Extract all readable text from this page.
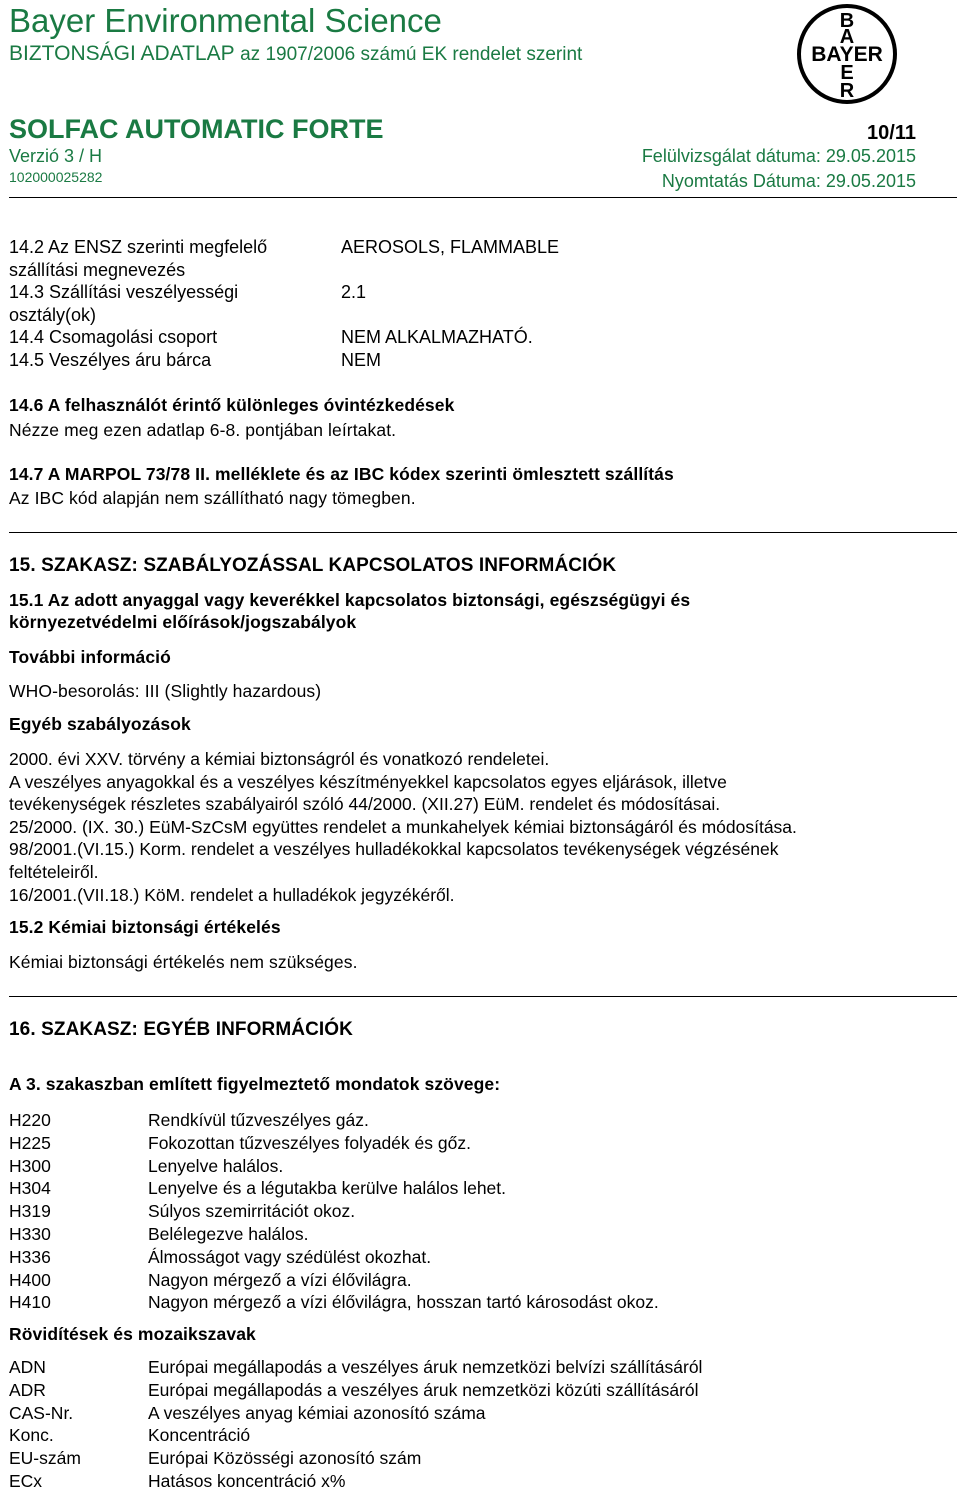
Bayer Environmental Science
BIZTONSÁGI ADATLAP az 1907/2006 számú EK rendelet szerint
B
A
BAYER
E
R
SOLFAC AUTOMATIC FORTE	10/11
Verzió 3 / H	Felülvizsgálat dátuma: 29.05.2015
102000025282	Nyomtatás Dátuma: 29.05.2015
14.2 Az ENSZ szerinti megfelelő	AEROSOLS, FLAMMABLE
szállítási megnevezés
14.3 Szállítási veszélyességi	2.1
osztály(ok)
14.4 Csomagolási csoport	NEM ALKALMAZHATÓ.
14.5 Veszélyes áru bárca	NEM
14.6 A felhasználót érintő különleges óvintézkedések
Nézze meg ezen adatlap 6-8. pontjában leírtakat.
14.7 A MARPOL 73/78 II. melléklete és az IBC kódex szerinti ömlesztett szállítás
Az IBC kód alapján nem szállítható nagy tömegben.
15. SZAKASZ: SZABÁLYOZÁSSAL KAPCSOLATOS INFORMÁCIÓK
15.1 Az adott anyaggal vagy keverékkel kapcsolatos biztonsági, egészségügyi és
környezetvédelmi előírások/jogszabályok
További információ
WHO-besorolás: III (Slightly hazardous)
Egyéb szabályozások
2000. évi XXV. törvény a kémiai biztonságról és vonatkozó rendeletei.
A veszélyes anyagokkal és a veszélyes készítményekkel kapcsolatos egyes eljárások, illetve
tevékenységek részletes szabályairól szóló 44/2000. (XII.27) EüM. rendelet és módosításai.
25/2000. (IX. 30.) EüM-SzCsM együttes rendelet a munkahelyek kémiai biztonságáról és módosítása.
98/2001.(VI.15.) Korm. rendelet a veszélyes hulladékokkal kapcsolatos tevékenységek végzésének
feltételeiről.
16/2001.(VII.18.) KöM. rendelet a hulladékok jegyzékéről.
15.2 Kémiai biztonsági értékelés
Kémiai biztonsági értékelés nem szükséges.
16. SZAKASZ: EGYÉB INFORMÁCIÓK
A 3. szakaszban említett figyelmeztető mondatok szövege:
H220	Rendkívül tűzveszélyes gáz.
H225	Fokozottan tűzveszélyes folyadék és gőz.
H300	Lenyelve halálos.
H304	Lenyelve és a légutakba kerülve halálos lehet.
H319	Súlyos szemirritációt okoz.
H330	Belélegezve halálos.
H336	Álmosságot vagy szédülést okozhat.
H400	Nagyon mérgező a vízi élővilágra.
H410	Nagyon mérgező a vízi élővilágra, hosszan tartó károsodást okoz.
Rövidítések és mozaikszavak
ADN	Európai megállapodás a veszélyes áruk nemzetközi belvízi szállításáról
ADR	Európai megállapodás a veszélyes áruk nemzetközi közúti szállításáról
CAS-Nr.	A veszélyes anyag kémiai azonosító száma
Konc.	Koncentráció
EU-szám	Európai Közösségi azonosító szám
ECx	Hatásos koncentráció x%
